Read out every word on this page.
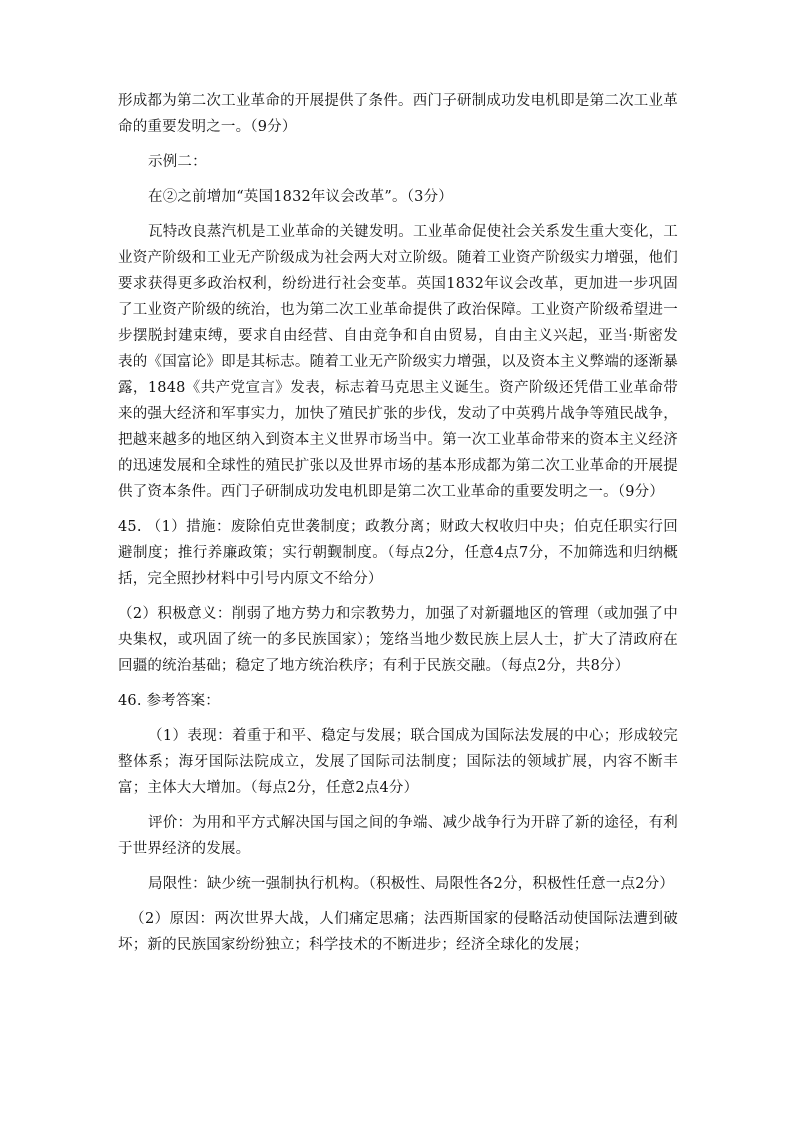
形成都为第二次工业革命的开展提供了条件。西门子研制成功发电机即是第二次工业革命的重要发明之一。（9分）

示例二：

在②之前增加“英国1832年议会改革”。（3分）

瓦特改良蒸汽机是工业革命的关键发明。工业革命促使社会关系发生重大变化，工业资产阶级和工业无产阶级成为社会两大对立阶级。随着工业资产阶级实力增强，他们要求获得更多政治权利，纷纷进行社会变革。英国1832年议会改革，更加进一步巩固了工业资产阶级的统治，也为第二次工业革命提供了政治保障。工业资产阶级希望进一步摆脱封建束缚，要求自由经营、自由竞争和自由贸易，自由主义兴起，亚当·斯密发表的《国富论》即是其标志。随着工业无产阶级实力增强，以及资本主义弊端的逐渐暴露，1848《共产党宣言》发表，标志着马克思主义诞生。资产阶级还凭借工业革命带来的强大经济和军事实力，加快了殖民扩张的步伐，发动了中英鸦片战争等殖民战争，把越来越多的地区纳入到资本主义世界市场当中。第一次工业革命带来的资本主义经济的迅速发展和全球性的殖民扩张以及世界市场的基本形成都为第二次工业革命的开展提供了资本条件。西门子研制成功发电机即是第二次工业革命的重要发明之一。（9分）

45. （1）措施：废除伯克世袭制度；政教分离；财政大权收归中央；伯克任职实行回避制度；推行养廉政策；实行朝觐制度。（每点2分，任意4点7分，不加筛选和归纳概括，完全照抄材料中引号内原文不给分）

（2）积极意义：削弱了地方势力和宗教势力，加强了对新疆地区的管理（或加强了中央集权，或巩固了统一的多民族国家）；笼络当地少数民族上层人士，扩大了清政府在回疆的统治基础；稳定了地方统治秩序；有利于民族交融。（每点2分，共8分）

46. 参考答案：

（1）表现：着重于和平、稳定与发展；联合国成为国际法发展的中心；形成较完整体系；海牙国际法院成立，发展了国际司法制度；国际法的领域扩展，内容不断丰富；主体大大增加。（每点2分，任意2点4分）

评价：为用和平方式解决国与国之间的争端、减少战争行为开辟了新的途径，有利于世界经济的发展。

局限性：缺少统一强制执行机构。（积极性、局限性各2分，积极性任意一点2分）

（2）原因：两次世界大战，人们痛定思痛；法西斯国家的侵略活动使国际法遭到破坏；新的民族国家纷纷独立；科学技术的不断进步；经济全球化的发展；
